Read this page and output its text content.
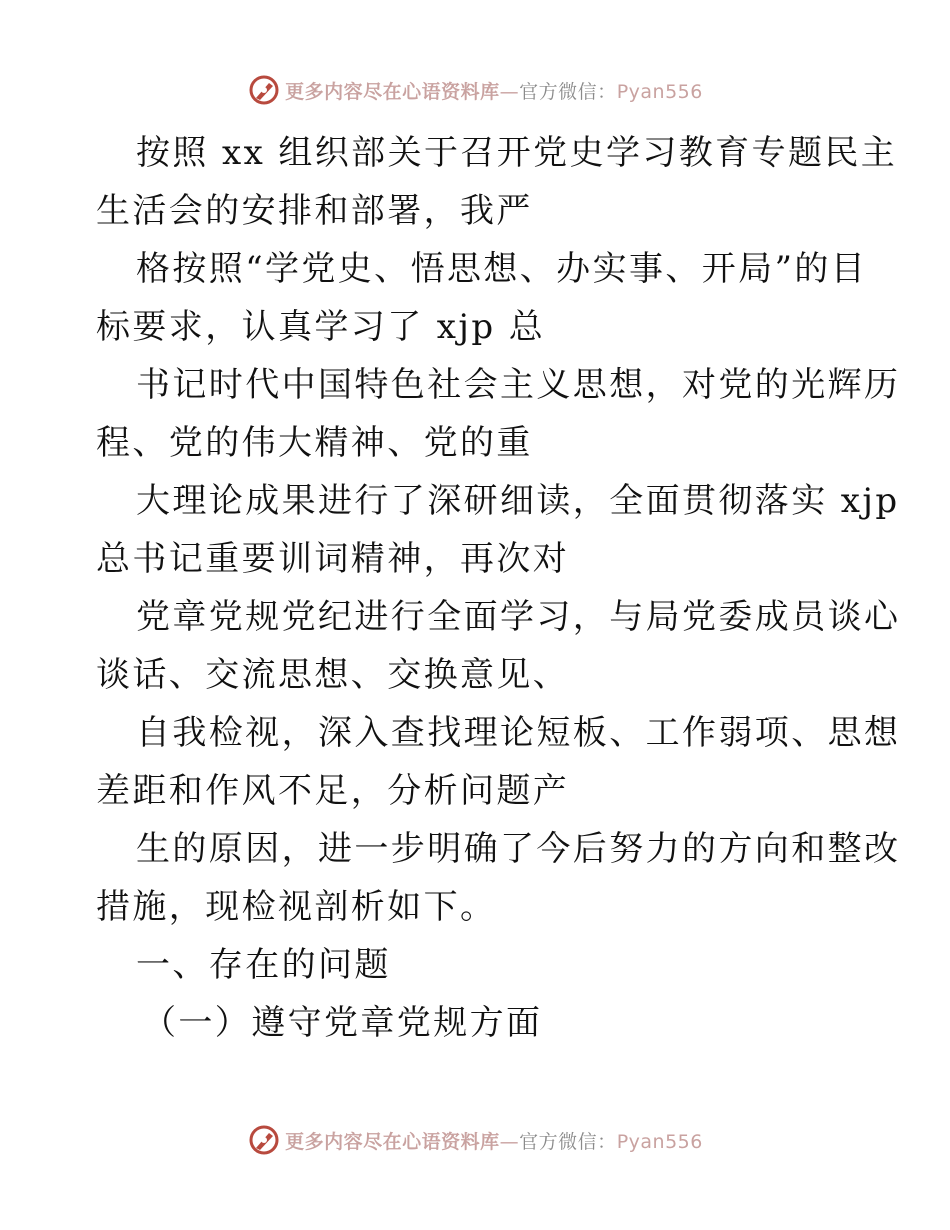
更多内容尽在心语资料库—官方微信：Pyan556
按照 xx 组织部关于召开党史学习教育专题民主
生活会的安排和部署，我严
格按照“学党史、悟思想、办实事、开局”的目
标要求，认真学习了 xjp 总
书记时代中国特色社会主义思想，对党的光辉历
程、党的伟大精神、党的重
大理论成果进行了深研细读，全面贯彻落实 xjp
总书记重要训词精神，再次对
党章党规党纪进行全面学习，与局党委成员谈心
谈话、交流思想、交换意见、
自我检视，深入查找理论短板、工作弱项、思想
差距和作风不足，分析问题产
生的原因，进一步明确了今后努力的方向和整改
措施，现检视剖析如下。
一、存在的问题
（一）遵守党章党规方面
更多内容尽在心语资料库—官方微信：Pyan556
